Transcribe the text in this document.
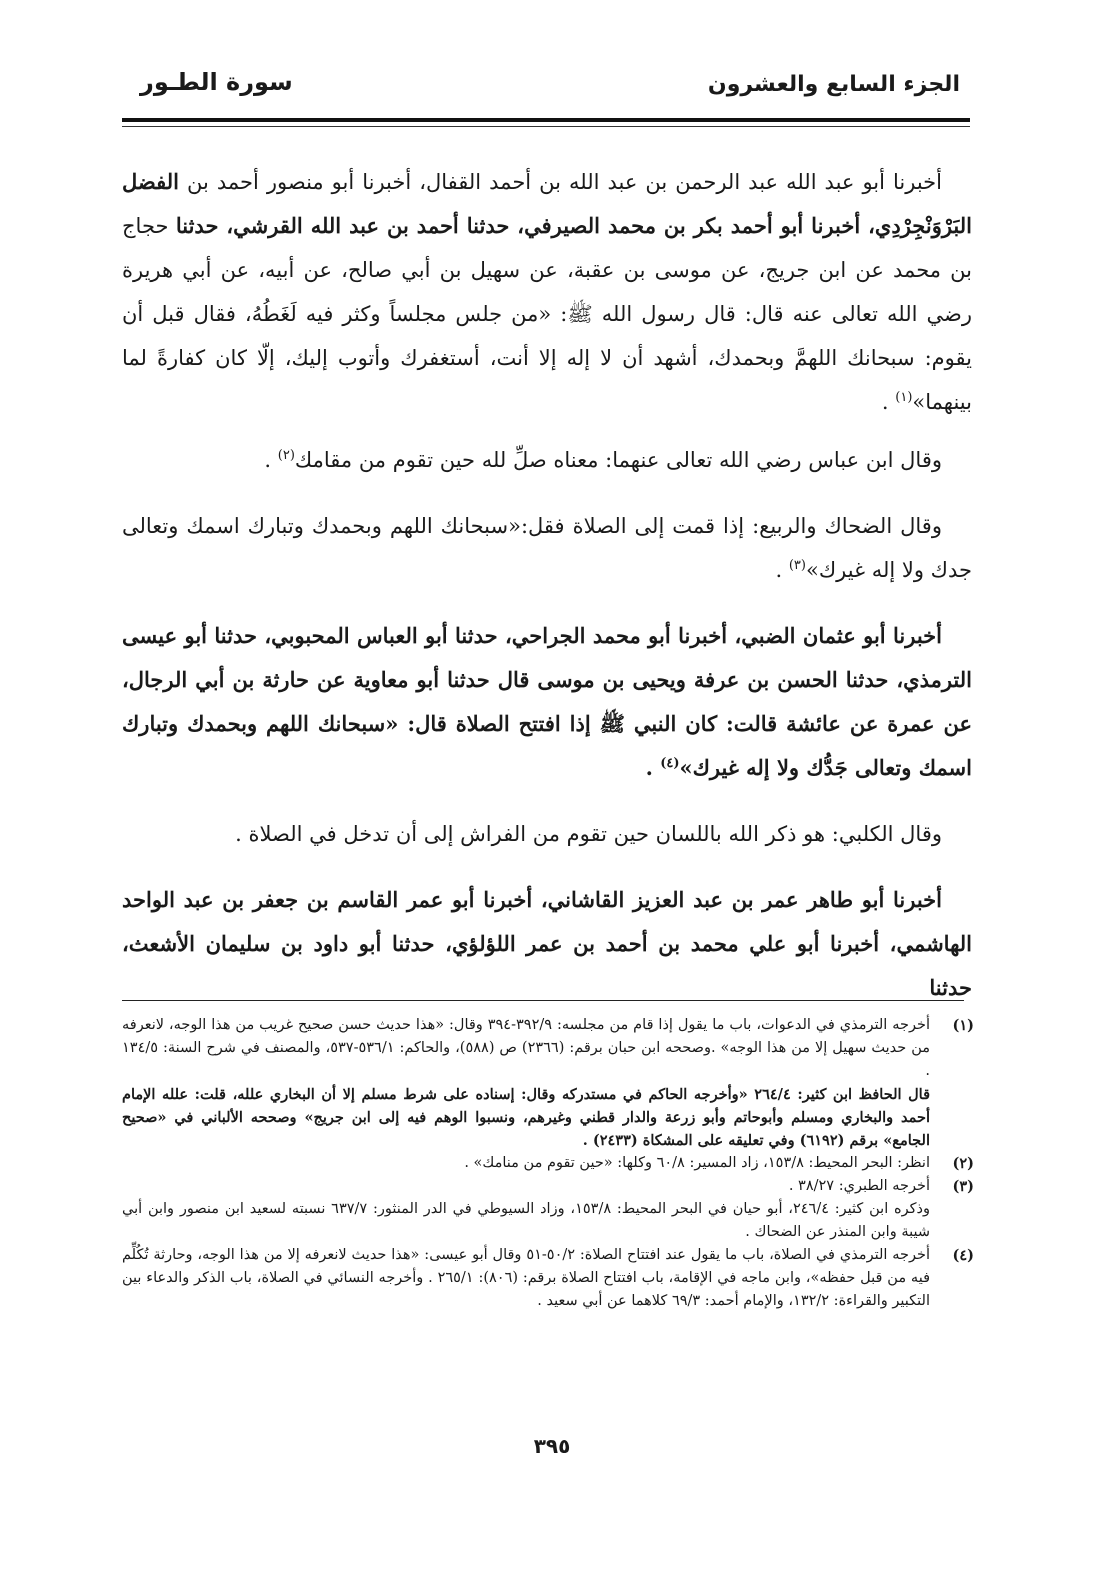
الجزء السابع والعشرون
سورة الطـور

أخبرنا أبو عبد الله عبد الرحمن بن عبد الله بن أحمد القفال، أخبرنا أبو منصور أحمد بن الفضل البَرْوَنْجِرْدِي، أخبرنا أبو أحمد بكر بن محمد الصيرفي، حدثنا أحمد بن عبد الله القرشي، حدثنا حجاج بن محمد عن ابن جريج، عن موسى بن عقبة، عن سهيل بن أبي صالح، عن أبيه، عن أبي هريرة رضي الله تعالى عنه قال: قال رسول الله ﷺ: «من جلس مجلساً وكثر فيه لَغَطُهُ، فقال قبل أن يقوم: سبحانك اللهمَّ وبحمدك، أشهد أن لا إله إلا أنت، أستغفرك وأتوب إليك، إلّا كان كفارةً لما بينهما»$^{(١)}$ .

وقال ابن عباس رضي الله تعالى عنهما: معناه صلِّ لله حين تقوم من مقامك$^{(٢)}$ .

وقال الضحاك والربيع: إذا قمت إلى الصلاة فقل:«سبحانك اللهم وبحمدك وتبارك اسمك وتعالى جدك ولا إله غيرك»$^{(٣)}$ .

أخبرنا أبو عثمان الضبي، أخبرنا أبو محمد الجراحي، حدثنا أبو العباس المحبوبي، حدثنا أبو عيسى الترمذي، حدثنا الحسن بن عرفة ويحيى بن موسى قال حدثنا أبو معاوية عن حارثة بن أبي الرجال، عن عمرة عن عائشة قالت: كان النبي ﷺ إذا افتتح الصلاة قال: «سبحانك اللهم وبحمدك وتبارك اسمك وتعالى جَدُّك ولا إله غيرك»$^{(٤)}$ .

وقال الكلبي: هو ذكر الله باللسان حين تقوم من الفراش إلى أن تدخل في الصلاة .

أخبرنا أبو طاهر عمر بن عبد العزيز القاشاني، أخبرنا أبو عمر القاسم بن جعفر بن عبد الواحد الهاشمي، أخبرنا أبو علي محمد بن أحمد بن عمر اللؤلؤي، حدثنا أبو داود بن سليمان الأشعث، حدثنا

(١)
أخرجه الترمذي في الدعوات، باب ما يقول إذا قام من مجلسه: ٣٩٢/٩-٣٩٤ وقال: «هذا حديث حسن صحيح غريب من هذا الوجه، لانعرفه من حديث سهيل إلا من هذا الوجه» .وصححه ابن حبان برقم: (٢٣٦٦) ص (٥٨٨)، والحاكم: ٥٣٦/١-٥٣٧، والمصنف في شرح السنة: ١٣٤/٥ .
قال الحافظ ابن كثير: ٢٦٤/٤ «وأخرجه الحاكم في مستدركه وقال: إسناده على شرط مسلم إلا أن البخاري علله، قلت: علله الإمام أحمد والبخاري ومسلم وأبوحاتم وأبو زرعة والدار قطني وغيرهم، ونسبوا الوهم فيه إلى ابن جريج» وصححه الألباني في «صحيح الجامع» برقم (٦١٩٢) وفي تعليقه على المشكاة (٢٤٣٣) .
(٢)
انظر: البحر المحيط: ١٥٣/٨، زاد المسير: ٦٠/٨ وكلها: «حين تقوم من منامك» .
(٣)
أخرجه الطبري: ٣٨/٢٧ .
وذكره ابن كثير: ٢٤٦/٤، أبو حيان في البحر المحيط: ١٥٣/٨، وزاد السيوطي في الدر المنثور: ٦٣٧/٧ نسبته لسعيد ابن منصور وابن أبي شيبة وابن المنذر عن الضحاك .
(٤)
أخرجه الترمذي في الصلاة، باب ما يقول عند افتتاح الصلاة: ٥٠/٢-٥١ وقال أبو عيسى: «هذا حديث لانعرفه إلا من هذا الوجه، وحارثة تُكُلِّم فيه من قبل حفظه»، وابن ماجه في الإقامة، باب افتتاح الصلاة برقم: (٨٠٦): ٢٦٥/١ . وأخرجه النسائي في الصلاة، باب الذكر والدعاء بين التكبير والقراءة: ١٣٢/٢، والإمام أحمد: ٦٩/٣ كلاهما عن أبي سعيد .
٣٩٥
